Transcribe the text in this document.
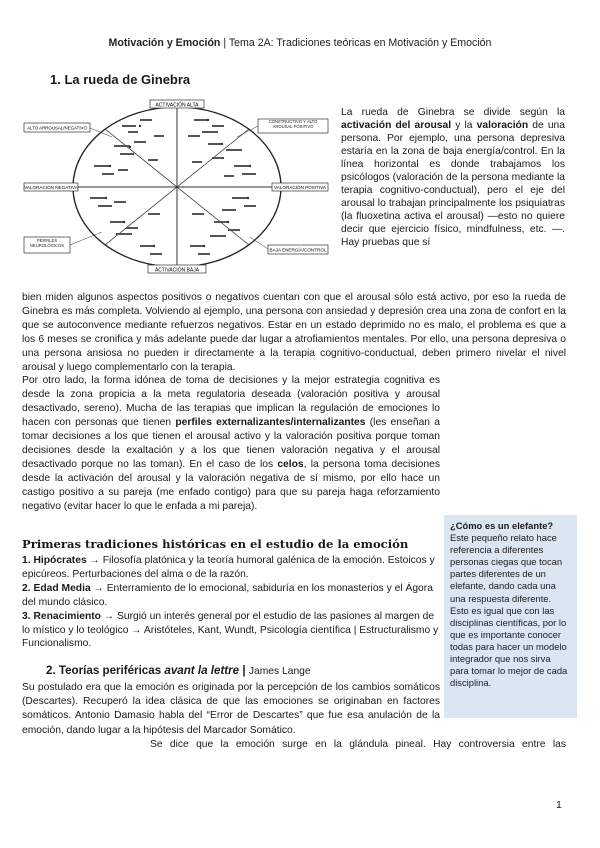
Motivación y Emoción | Tema 2A: Tradiciones teóricas en Motivación y Emoción
1. La rueda de Ginebra
ACTIVACIÓN ALTA
ACTIVACIÓN BAJA
ALTO ARROUSAL/NEGATIVO
CONSTRUCTIVO Y ALTO AROUSAL POSITIVO
VALORACIÓN NEGATIVA	VALORACIÓN POSITIVA
PERFILES NEUROLÓGICOS
BAJA ENERGÍA/CONTROL
La rueda de Ginebra se divide según la activación del arousal y la valoración de una persona. Por ejemplo, una persona depresiva estaría en la zona de baja energía/control. En la línea horizontal es donde trabajamos los psicólogos (valoración de la persona mediante la terapia cognitivo-conductual), pero el eje del arousal lo trabajan principalmente los psiquiatras (la fluoxetina activa el arousal) —esto no quiere decir que ejercicio físico, mindfulness, etc. —. Hay pruebas que sí

bien miden algunos aspectos positivos o negativos cuentan con que el arousal sólo está activo, por eso la rueda de Ginebra es más completa. Volviendo al ejemplo, una persona con ansiedad y depresión crea una zona de confort en la que se autoconvence mediante refuerzos negativos. Estar en un estado deprimido no es malo, el problema es que a los 6 meses se cronifica y más adelante puede dar lugar a atrofiamientos mentales. Por ello, una persona depresiva o una persona ansiosa no pueden ir directamente a la terapia cognitivo-conductual, deben primero nivelar el nivel arousal y luego complementarlo con la terapia.

Por otro lado, la forma idónea de toma de decisiones y la mejor estrategia cognitiva es desde la zona propicia a la meta regulatoria deseada (valoración positiva y arousal desactivado, sereno). Mucha de las terapias que implican la regulación de emociones lo hacen con personas que tienen perfiles externalizantes/internalizantes (les enseñan a tomar decisiones a los que tienen el arousal activo y la valoración positiva porque toman decisiones desde la exaltación y a los que tienen valoración negativa y el arousal desactivado porque no las toman). En el caso de los celos, la persona toma decisiones desde la activación del arousal y la valoración negativa de sí mismo, por ello hace un castigo positivo a su pareja (me enfado contigo) para que su pareja haga reforzamiento negativo (evitar hacer lo que le enfada a mi pareja).

Primeras tradiciones históricas en el estudio de la emoción

1. Hipócrates → Filosofía platónica y la teoría humoral galénica de la emoción. Estoicos y epicúreos. Perturbaciones del alma o de la razón.

2. Edad Media → Enterramiento de lo emocional, sabiduría en los monasterios y el Ágora del mundo clásico.

3. Renacimiento → Surgió un interés general por el estudio de las pasiones al margen de lo místico y lo teológico → Aristóteles, Kant, Wundt, Psicología científica | Estructuralismo y Funcionalismo.

2. Teorías periféricas avant la lettre | James Lange
Su postulado era que la emoción es originada por la percepción de los cambios somáticos (Descartes). Recuperó la idea clásica de que las emociones se originaban en factores somáticos. Antonio Damasio habla del “Error de Descartes” que fue esa anulación de la emoción, dando lugar a la hipótesis del Marcador Somático.
Se dice que la emoción surge en la glándula pineal. Hay controversia entre las
¿Cómo es un elefante?
Este pequeño relato hace referencia a diferentes personas ciegas que tocan partes diferentes de un elefante, dando cada una una respuesta diferente. Esto es igual que con las disciplinas científicas, por lo que es importante conocer todas para hacer un modelo integrador que nos sirva para tomar lo mejor de cada disciplina.
1
